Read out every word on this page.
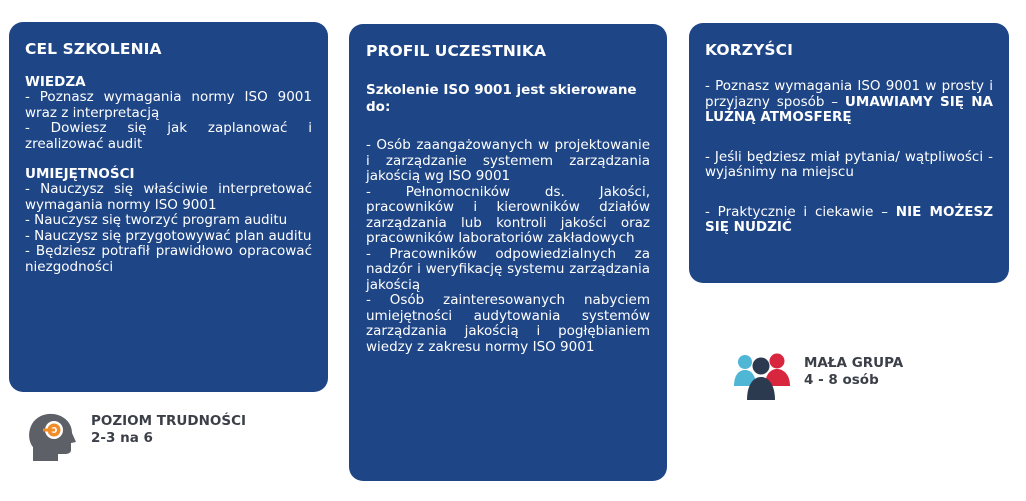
CEL SZKOLENIA
WIEDZA
- Poznasz wymagania normy ISO 9001 wraz z interpretacją
- Dowiesz się jak zaplanować i zrealizować audit
UMIEJĘTNOŚCI
- Nauczysz się właściwie interpretować wymagania normy ISO 9001
- Nauczysz się tworzyć program auditu
- Nauczysz się przygotowywać plan auditu
- Będziesz potrafił prawidłowo opracować niezgodności
PROFIL UCZESTNIKA
Szkolenie ISO 9001 jest skierowane do:
- Osób zaangażowanych w projektowanie i zarządzanie systemem zarządzania jakością wg ISO 9001
- Pełnomocników ds. Jakości, pracowników i kierowników działów zarządzania lub kontroli jakości oraz pracowników laboratoriów zakładowych
- Pracowników odpowiedzialnych za nadzór i weryfikację systemu zarządzania jakością
- Osób zainteresowanych nabyciem umiejętności audytowania systemów zarządzania jakością i pogłębianiem wiedzy z zakresu normy ISO 9001
KORZYŚCI
- Poznasz wymagania ISO 9001 w prosty i przyjazny sposób – UMAWIAMY SIĘ NA LUŹNĄ ATMOSFERĘ
- Jeśli będziesz miał pytania/ wątpliwości - wyjaśnimy na miejscu
- Praktycznie i ciekawie – NIE MOŻESZ SIĘ NUDZIĆ
POZIOM TRUDNOŚCI
2-3 na 6
MAŁA GRUPA
4 - 8 osób
